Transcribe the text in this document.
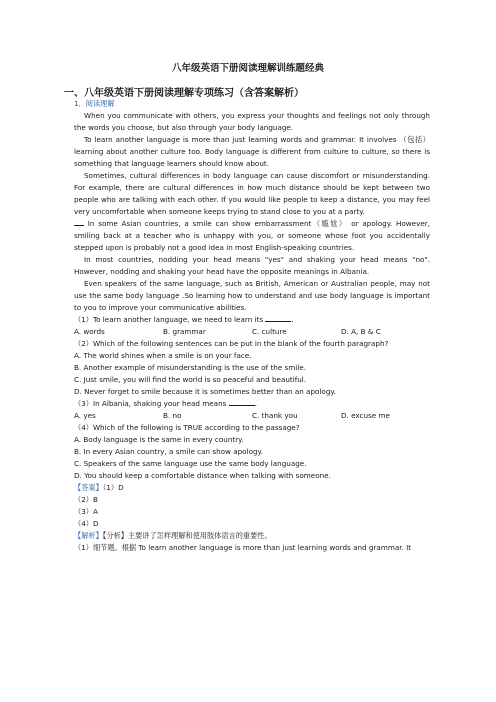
八年级英语下册阅读理解训练题经典
一、八年级英语下册阅读理解专项练习（含答案解析）
1．阅读理解
When you communicate with others, you express your thoughts and feelings not only through
the words you choose, but also through your body language.
To learn another language is more than just learning words and grammar. It involves （包括）
learning about another culture too. Body language is different from culture to culture, so there is
something that language learners should know about.
Sometimes, cultural differences in body language can cause discomfort or misunderstanding.
For example, there are cultural differences in how much distance should be kept between two
people who are talking with each other. If you would like people to keep a distance, you may feel
very uncomfortable when someone keeps trying to stand close to you at a party.
In some Asian countries, a smile can show embarrassment（尴尬） or apology. However,
smiling back at a teacher who is unhappy with you, or someone whose foot you accidentally
stepped upon is probably not a good idea in most English-speaking countries.
In most countries, nodding your head means "yes" and shaking your head means "no".
However, nodding and shaking your head have the opposite meanings in Albania.
Even speakers of the same language, such as British, American or Australian people, may not
use the same body language .So learning how to understand and use body language is important
to you to improve your communicative abilities.
（1）To learn another language, we need to learn its	.
A. words	B. grammar	C. culture	D. A, B & C
（2）Which of the following sentences can be put in the blank of the fourth paragraph?
A. The world shines when a smile is on your face.
B. Another example of misunderstanding is the use of the smile.
C. Just smile, you will find the world is so peaceful and beautiful.
D. Never forget to smile because it is sometimes better than an apology.
（3）In Albania, shaking your head means	.
A. yes	B. no	C. thank you	D. excuse me
（4）Which of the following is TRUE according to the passage?
A. Body language is the same in every country.
B. In every Asian country, a smile can show apology.
C. Speakers of the same language use the same body language.
D. You should keep a comfortable distance when talking with someone.
【答案】（1）D
（2）B
（3）A
（4）D
【解析】【分析】主要讲了怎样理解和使用肢体语言的重要性。
（1）细节题。根据 To learn another language is more than just learning words and grammar. It
